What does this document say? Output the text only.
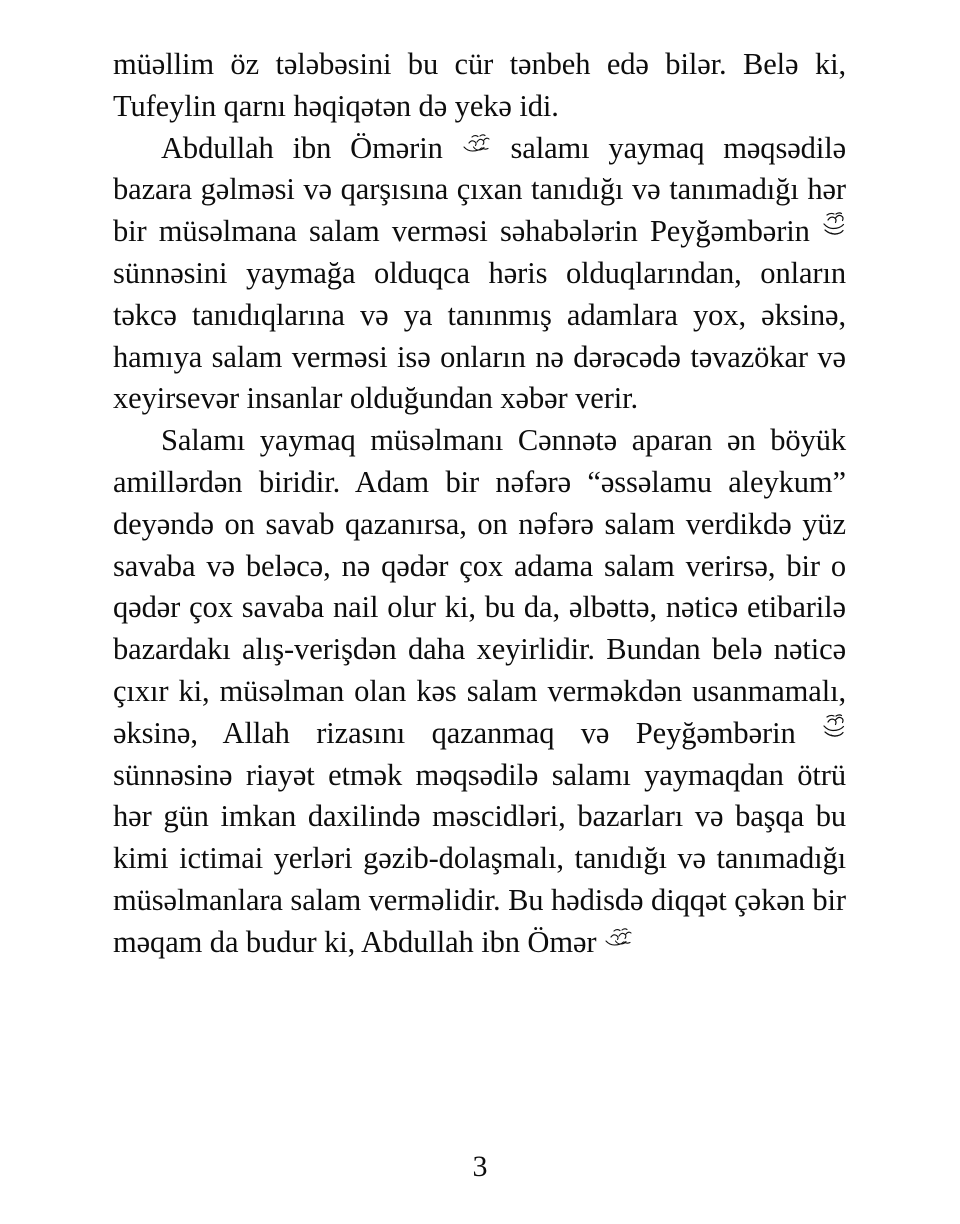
müəllim öz tələbəsini bu cür tənbeh edə bilər. Belə ki, Tufeylin qarnı həqiqətən də yekə idi.

Abdullah ibn Ömərin
salamı yaymaq məqsədilə bazara gəlməsi və qarşısına çıxan tanıdığı və tanımadığı hər bir müsəlmana salam verməsi səhabələrin Peyğəmbərin
sünnəsini yaymağa olduqca həris olduqlarından, onların təkcə tanıdıqlarına və ya tanınmış adamlara yox, əksinə, hamıya salam verməsi isə onların nə dərəcədə təvazökar və xeyirsevər insanlar olduğundan xəbər verir.

Salamı yaymaq müsəlmanı Cənnətə aparan ən böyük amillərdən biridir. Adam bir nəfərə “əssəlamu aleykum” deyəndə on savab qazanırsa, on nəfərə salam verdikdə yüz savaba və beləcə, nə qədər çox adama salam verirsə, bir o qədər çox savaba nail olur ki, bu da, əlbəttə, nəticə etibarilə bazardakı alış-verişdən daha xeyirlidir. Bundan belə nəticə çıxır ki, müsəlman olan kəs salam verməkdən usanmamalı, əksinə, Allah rizasını qazanmaq və Peyğəmbərin
sünnəsinə riayət etmək məqsədilə salamı yaymaqdan ötrü hər gün imkan daxilində məscidləri, bazarları və başqa bu kimi ictimai yerləri gəzib-dolaşmalı, tanıdığı və tanımadığı müsəlmanlara salam verməlidir. Bu hədisdə diqqət çəkən bir məqam da budur ki, Abdullah ibn Ömər

3
